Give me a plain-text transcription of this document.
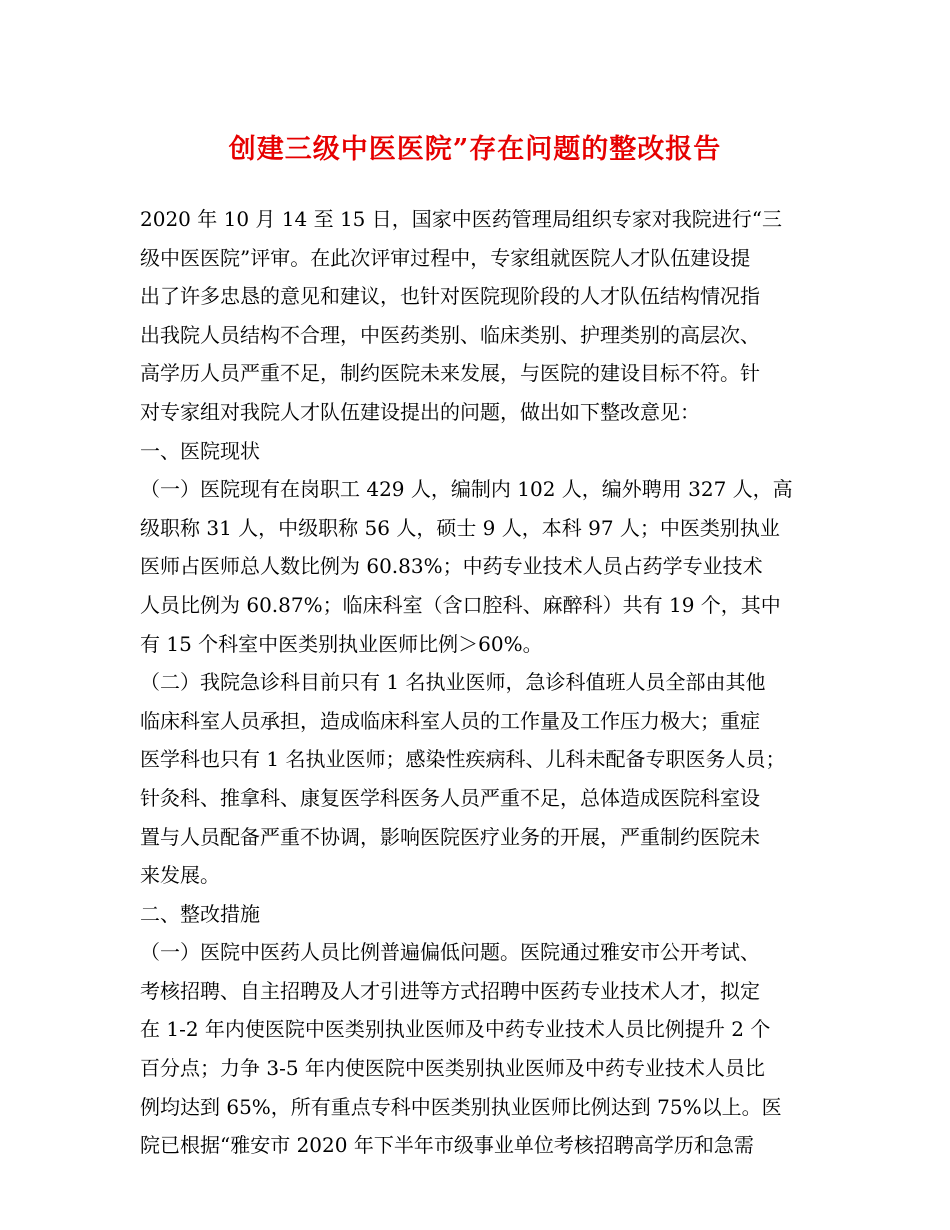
创建三级中医医院”存在问题的整改报告
2020 年 10 月 14 至 15 日，国家中医药管理局组织专家对我院进行“三
级中医医院”评审。在此次评审过程中，专家组就医院人才队伍建设提
出了许多忠恳的意见和建议，也针对医院现阶段的人才队伍结构情况指
出我院人员结构不合理，中医药类别、临床类别、护理类别的高层次、
高学历人员严重不足，制约医院未来发展，与医院的建设目标不符。针
对专家组对我院人才队伍建设提出的问题，做出如下整改意见：
一、医院现状
（一）医院现有在岗职工 429 人，编制内 102 人，编外聘用 327 人，高
级职称 31 人，中级职称 56 人，硕士 9 人，本科 97 人；中医类别执业
医师占医师总人数比例为 60.83%；中药专业技术人员占药学专业技术
人员比例为 60.87%；临床科室（含口腔科、麻醉科）共有 19 个，其中
有 15 个科室中医类别执业医师比例＞60%。
（二）我院急诊科目前只有 1 名执业医师，急诊科值班人员全部由其他
临床科室人员承担，造成临床科室人员的工作量及工作压力极大；重症
医学科也只有 1 名执业医师；感染性疾病科、儿科未配备专职医务人员；
针灸科、推拿科、康复医学科医务人员严重不足，总体造成医院科室设
置与人员配备严重不协调，影响医院医疗业务的开展，严重制约医院未
来发展。
二、整改措施
（一）医院中医药人员比例普遍偏低问题。医院通过雅安市公开考试、
考核招聘、自主招聘及人才引进等方式招聘中医药专业技术人才，拟定
在 1-2 年内使医院中医类别执业医师及中药专业技术人员比例提升 2 个
百分点；力争 3-5 年内使医院中医类别执业医师及中药专业技术人员比
例均达到 65%，所有重点专科中医类别执业医师比例达到 75%以上。医
院已根据“雅安市 2020 年下半年市级事业单位考核招聘高学历和急需
